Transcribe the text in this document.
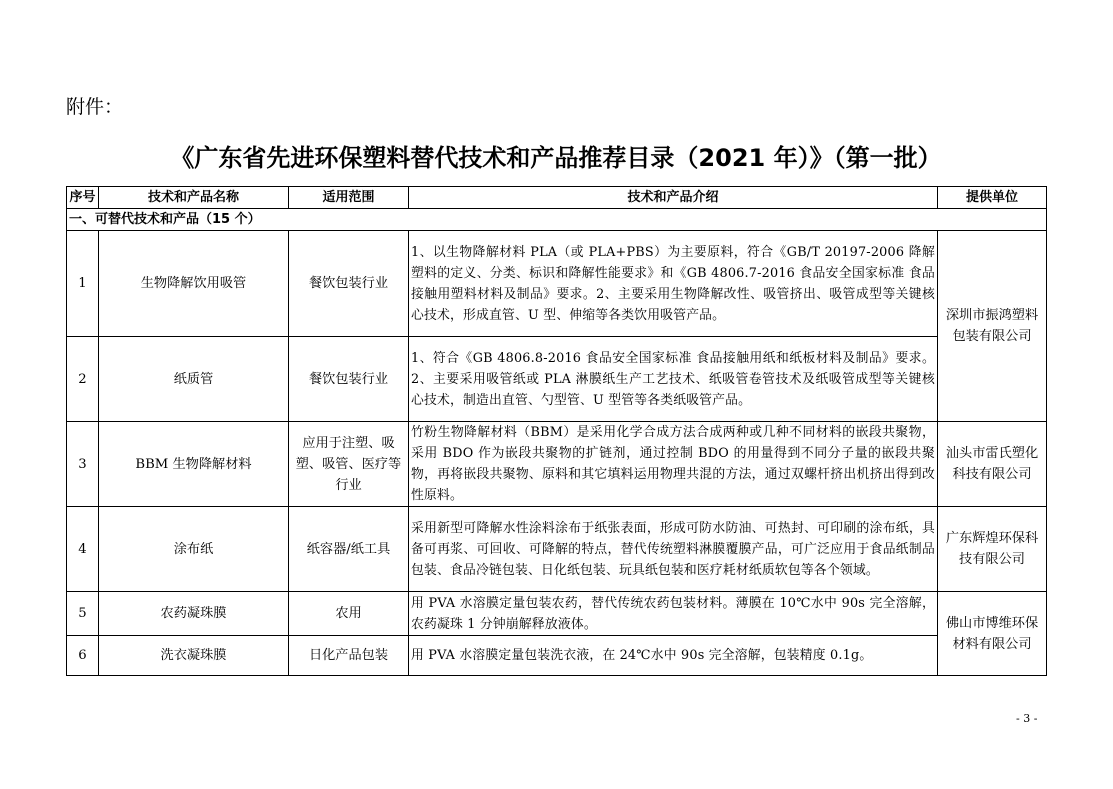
附件：
《广东省先进环保塑料替代技术和产品推荐目录（2021 年）》（第一批）
序号	技术和产品名称	适用范围	技术和产品介绍	提供单位
一、可替代技术和产品（15 个）				
1	生物降解饮用吸管	餐饮包装行业	1、以生物降解材料 PLA（或 PLA+PBS）为主要原料，符合《GB/T 20197-2006 降解塑料的定义、分类、标识和降解性能要求》和《GB 4806.7-2016 食品安全国家标准 食品接触用塑料材料及制品》要求。2、主要采用生物降解改性、吸管挤出、吸管成型等关键核心技术，形成直管、U 型、伸缩等各类饮用吸管产品。	深圳市振鸿塑料包装有限公司
2	纸质管	餐饮包装行业	1、符合《GB 4806.8-2016 食品安全国家标准 食品接触用纸和纸板材料及制品》要求。2、主要采用吸管纸或 PLA 淋膜纸生产工艺技术、纸吸管卷管技术及纸吸管成型等关键核心技术，制造出直管、勺型管、U 型管等各类纸吸管产品。	
3	BBM 生物降解材料	应用于注塑、吸塑、吸管、医疗等行业	竹粉生物降解材料（BBM）是采用化学合成方法合成两种或几种不同材料的嵌段共聚物，采用 BDO 作为嵌段共聚物的扩链剂，通过控制 BDO 的用量得到不同分子量的嵌段共聚物，再将嵌段共聚物、原料和其它填料运用物理共混的方法，通过双螺杆挤出机挤出得到改性原料。	汕头市雷氏塑化科技有限公司
4	涂布纸	纸容器/纸工具	采用新型可降解水性涂料涂布于纸张表面，形成可防水防油、可热封、可印刷的涂布纸，具备可再浆、可回收、可降解的特点，替代传统塑料淋膜覆膜产品，可广泛应用于食品纸制品包装、食品冷链包装、日化纸包装、玩具纸包装和医疗耗材纸质软包等各个领域。	广东辉煌环保科技有限公司
5	农药凝珠膜	农用	用 PVA 水溶膜定量包装农药，替代传统农药包装材料。薄膜在 10℃水中 90s 完全溶解，农药凝珠 1 分钟崩解释放液体。	佛山市博维环保材料有限公司
6	洗衣凝珠膜	日化产品包装	用 PVA 水溶膜定量包装洗衣液，在 24℃水中 90s 完全溶解，包装精度 0.1g。	
- 3 -
